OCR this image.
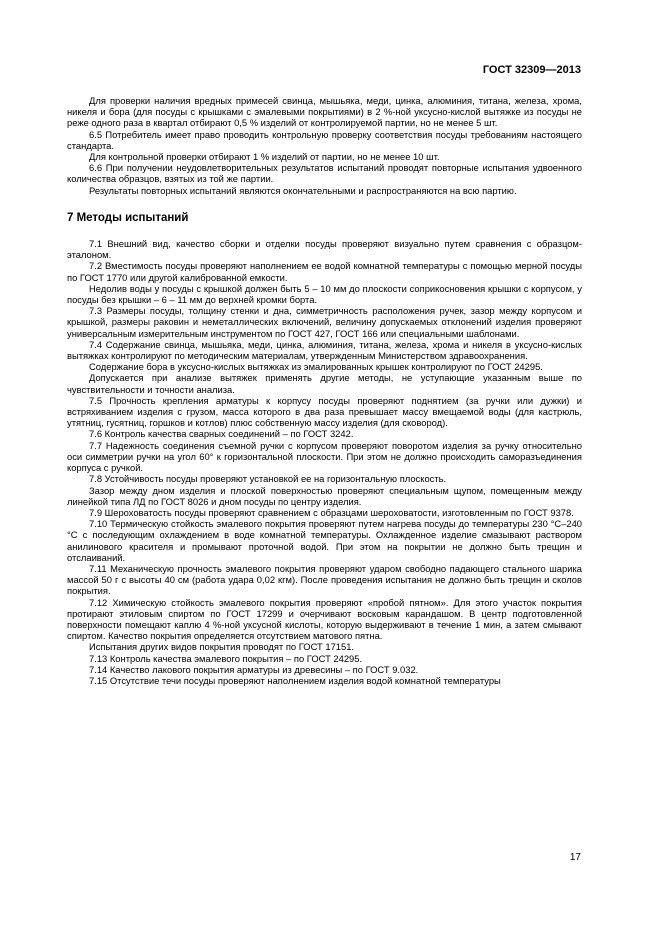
ГОСТ 32309—2013

Для проверки наличия вредных примесей свинца, мышьяка, меди, цинка, алюминия, титана, железа, хрома, никеля и бора (для посуды с крышками с эмалевыми покрытиями) в 2 %-ной уксусно-кислой вытяжке из посуды не реже одного раза в квартал отбирают 0,5 % изделий от контролируемой партии, но не менее 5 шт.

6.5 Потребитель имеет право проводить контрольную проверку соответствия посуды требованиям настоящего стандарта.

Для контрольной проверки отбирают 1 % изделий от партии, но не менее 10 шт.

6.6 При получении неудовлетворительных результатов испытаний проводят повторные испытания удвоенного количества образцов, взятых из той же партии.

Результаты повторных испытаний являются окончательными и распространяются на всю партию.

7 Методы испытаний

7.1 Внешний вид, качество сборки и отделки посуды проверяют визуально путем сравнения с образцом-эталоном.

7.2 Вместимость посуды проверяют наполнением ее водой комнатной температуры с помощью мерной посуды по ГОСТ 1770 или другой калиброванной емкости.

Недолив воды у посуды с крышкой должен быть 5 – 10 мм до плоскости соприкосновения крышки с корпусом, у посуды без крышки – 6 – 11 мм до верхней кромки борта.

7.3 Размеры посуды, толщину стенки и дна, симметричность расположения ручек, зазор между корпусом и крышкой, размеры раковин и неметаллических включений, величину допускаемых отклонений изделия проверяют универсальным измерительным инструментом по ГОСТ 427, ГОСТ 166 или специальными шаблонами.

7.4 Содержание свинца, мышьяка, меди, цинка, алюминия, титана, железа, хрома и никеля в уксусно-кислых вытяжках контролируют по методическим материалам, утвержденным Министерством здравоохранения.

Содержание бора в уксусно-кислых вытяжках из эмалированных крышек контролируют по ГОСТ 24295.

Допускается при анализе вытяжек применять другие методы, не уступающие указанным выше по чувствительности и точности анализа.

7.5 Прочность крепления арматуры к корпусу посуды проверяют поднятием (за ручки или дужки) и встряхиванием изделия с грузом, масса которого в два раза превышает массу вмещаемой воды (для кастрюль, утятниц, гусятниц, горшков и котлов) плюс собственную массу изделия (для сковород).

7.6 Контроль качества сварных соединений – по ГОСТ 3242.

7.7 Надежность соединения съемной ручки с корпусом проверяют поворотом изделия за ручку относительно оси симметрии ручки на угол 60° к горизонтальной плоскости. При этом не должно происходить саморазъединения корпуса с ручкой.

7.8 Устойчивость посуды проверяют установкой ее на горизонтальную плоскость.

Зазор между дном изделия и плоской поверхностью проверяют специальным щупом, помещенным между линейкой типа ЛД по ГОСТ 8026 и дном посуды по центру изделия.

7.9 Шероховатость посуды проверяют сравнением с образцами шероховатости, изготовленным по ГОСТ 9378.

7.10 Термическую стойкость эмалевого покрытия проверяют путем нагрева посуды до температуры 230 °С–240 °С с последующим охлаждением в воде комнатной температуры. Охлажденное изделие смазывают раствором анилинового красителя и промывают проточной водой. При этом на покрытии не должно быть трещин и отслаиваний.

7.11 Механическую прочность эмалевого покрытия проверяют ударом свободно падающего стального шарика массой 50 г с высоты 40 см (работа удара 0,02 кгм). После проведения испытания не должно быть трещин и сколов покрытия.

7.12 Химическую стойкость эмалевого покрытия проверяют «пробой пятном». Для этого участок покрытия протирают этиловым спиртом по ГОСТ 17299 и очерчивают восковым карандашом. В центр подготовленной поверхности помещают каплю 4 %-ной уксусной кислоты, которую выдерживают в течение 1 мин, а затем смывают спиртом. Качество покрытия определяется отсутствием матового пятна.

Испытания других видов покрытия проводят по ГОСТ 17151.

7.13 Контроль качества эмалевого покрытия – по ГОСТ 24295.

7.14 Качество лакового покрытия арматуры из древесины – по ГОСТ 9.032.

7.15 Отсутствие течи посуды проверяют наполнением изделия водой комнатной температуры

17
